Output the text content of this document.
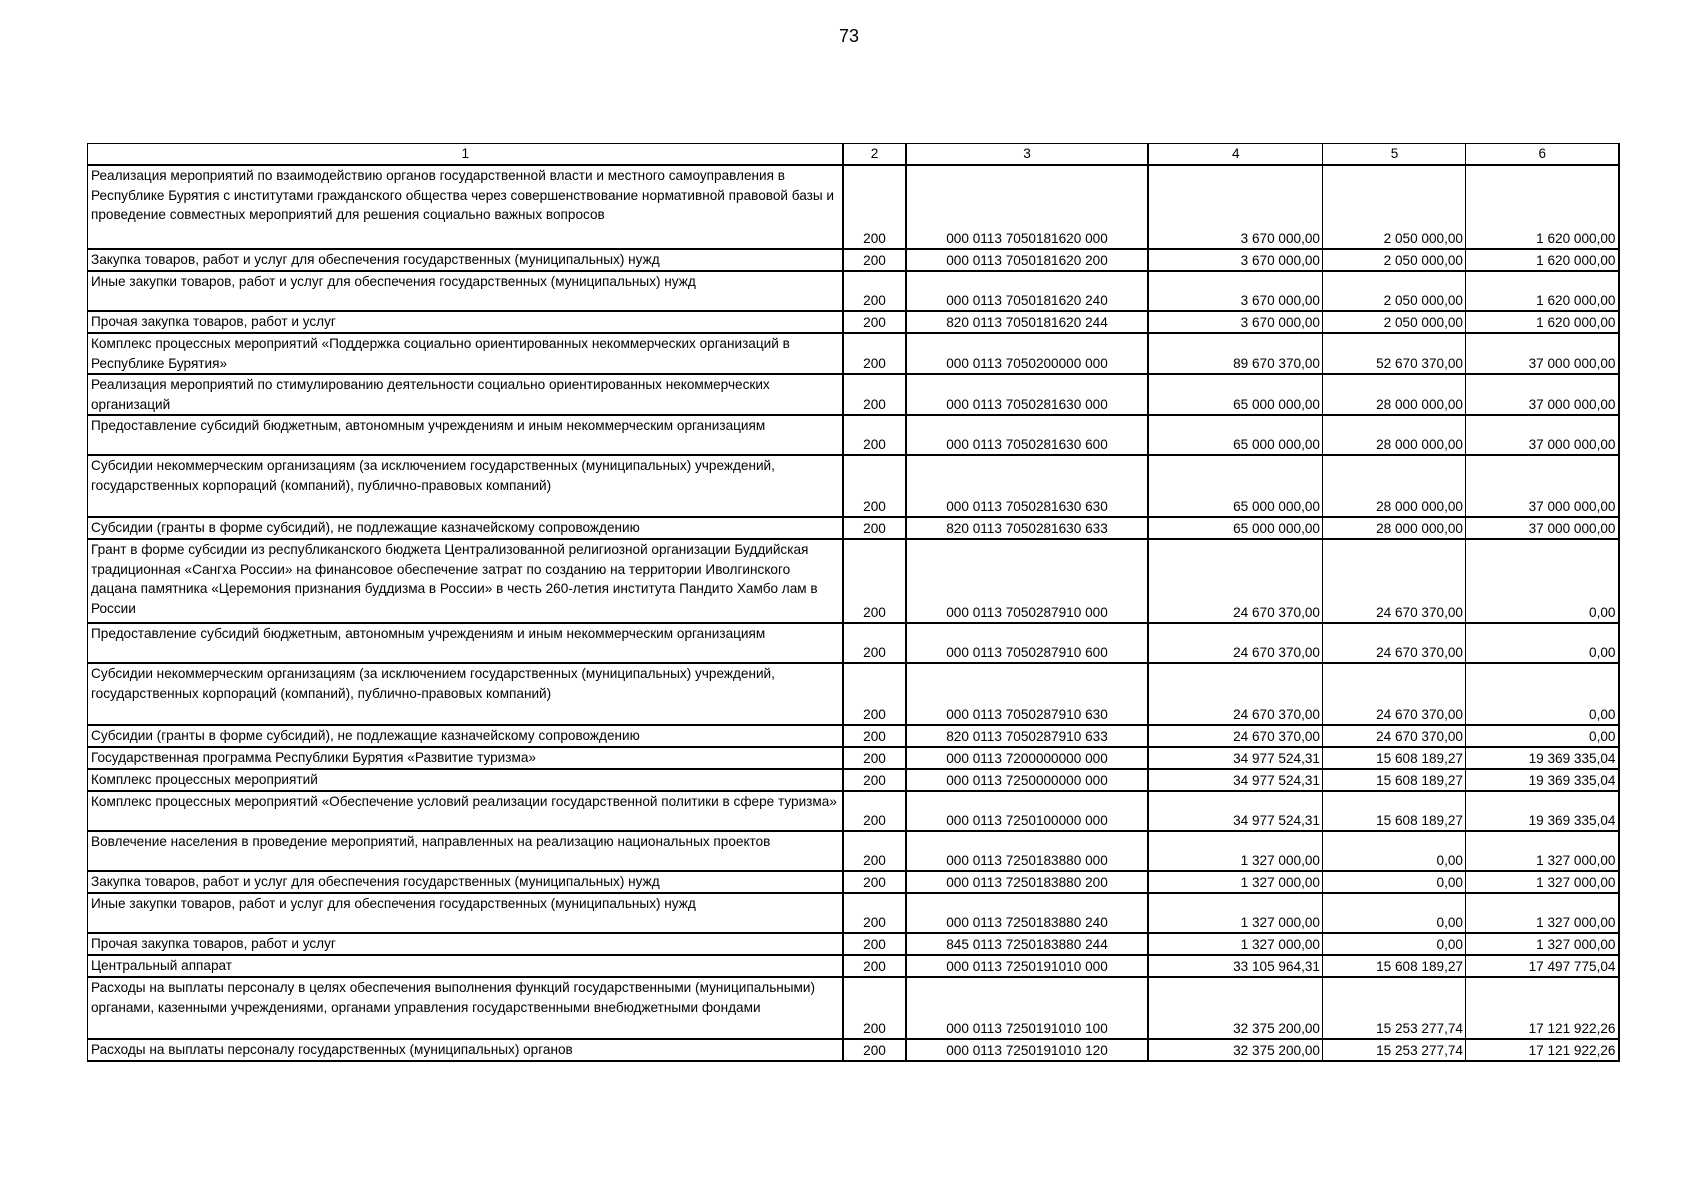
73
1	2	3	4	5	6
Реализация мероприятий по взаимодействию органов государственной власти и местного самоуправления в Республике Бурятия с институтами гражданского общества через совершенствование нормативной правовой базы и проведение совместных мероприятий для решения социально важных вопросов	200	000 0113 7050181620 000	3 670 000,00	2 050 000,00	1 620 000,00
Закупка товаров, работ и услуг для обеспечения государственных (муниципальных) нужд	200	000 0113 7050181620 200	3 670 000,00	2 050 000,00	1 620 000,00
Иные закупки товаров, работ и услуг для обеспечения государственных (муниципальных) нужд	200	000 0113 7050181620 240	3 670 000,00	2 050 000,00	1 620 000,00
Прочая закупка товаров, работ и услуг	200	820 0113 7050181620 244	3 670 000,00	2 050 000,00	1 620 000,00
Комплекс процессных мероприятий «Поддержка социально ориентированных некоммерческих организаций в Республике Бурятия»	200	000 0113 7050200000 000	89 670 370,00	52 670 370,00	37 000 000,00
Реализация мероприятий по стимулированию деятельности социально ориентированных некоммерческих организаций	200	000 0113 7050281630 000	65 000 000,00	28 000 000,00	37 000 000,00
Предоставление субсидий бюджетным, автономным учреждениям и иным некоммерческим организациям	200	000 0113 7050281630 600	65 000 000,00	28 000 000,00	37 000 000,00
Субсидии некоммерческим организациям (за исключением государственных (муниципальных) учреждений, государственных корпораций (компаний), публично-правовых компаний)	200	000 0113 7050281630 630	65 000 000,00	28 000 000,00	37 000 000,00
Субсидии (гранты в форме субсидий), не подлежащие казначейскому сопровождению	200	820 0113 7050281630 633	65 000 000,00	28 000 000,00	37 000 000,00
Грант в форме субсидии из республиканского бюджета Централизованной религиозной организации Буддийская традиционная «Сангха России» на финансовое обеспечение затрат по созданию на территории Иволгинского дацана памятника «Церемония признания буддизма в России» в честь 260-летия института Пандито Хамбо лам в России	200	000 0113 7050287910 000	24 670 370,00	24 670 370,00	0,00
Предоставление субсидий бюджетным, автономным учреждениям и иным некоммерческим организациям	200	000 0113 7050287910 600	24 670 370,00	24 670 370,00	0,00
Субсидии некоммерческим организациям (за исключением государственных (муниципальных) учреждений, государственных корпораций (компаний), публично-правовых компаний)	200	000 0113 7050287910 630	24 670 370,00	24 670 370,00	0,00
Субсидии (гранты в форме субсидий), не подлежащие казначейскому сопровождению	200	820 0113 7050287910 633	24 670 370,00	24 670 370,00	0,00
Государственная программа Республики Бурятия «Развитие туризма»	200	000 0113 7200000000 000	34 977 524,31	15 608 189,27	19 369 335,04
Комплекс процессных мероприятий	200	000 0113 7250000000 000	34 977 524,31	15 608 189,27	19 369 335,04
Комплекс процессных мероприятий «Обеспечение условий реализации государственной политики в сфере туризма»	200	000 0113 7250100000 000	34 977 524,31	15 608 189,27	19 369 335,04
Вовлечение населения в проведение мероприятий, направленных на реализацию национальных проектов	200	000 0113 7250183880 000	1 327 000,00	0,00	1 327 000,00
Закупка товаров, работ и услуг для обеспечения государственных (муниципальных) нужд	200	000 0113 7250183880 200	1 327 000,00	0,00	1 327 000,00
Иные закупки товаров, работ и услуг для обеспечения государственных (муниципальных) нужд	200	000 0113 7250183880 240	1 327 000,00	0,00	1 327 000,00
Прочая закупка товаров, работ и услуг	200	845 0113 7250183880 244	1 327 000,00	0,00	1 327 000,00
Центральный аппарат	200	000 0113 7250191010 000	33 105 964,31	15 608 189,27	17 497 775,04
Расходы на выплаты персоналу в целях обеспечения выполнения функций государственными (муниципальными) органами, казенными учреждениями, органами управления государственными внебюджетными фондами	200	000 0113 7250191010 100	32 375 200,00	15 253 277,74	17 121 922,26
Расходы на выплаты персоналу государственных (муниципальных) органов	200	000 0113 7250191010 120	32 375 200,00	15 253 277,74	17 121 922,26
